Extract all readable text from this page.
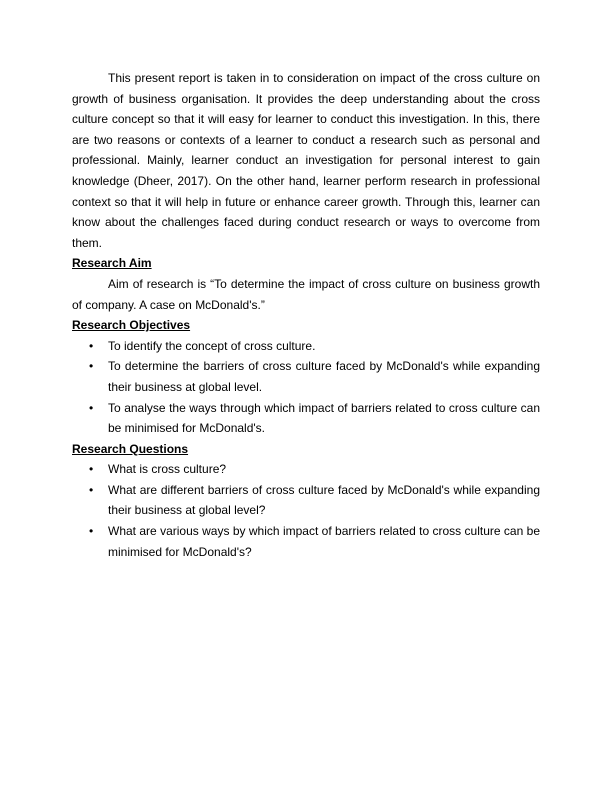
This present report is taken in to consideration on impact of the cross culture on growth of business organisation. It provides the deep understanding about the cross culture concept so that it will easy for learner to conduct this investigation. In this, there are two reasons or contexts of a learner to conduct a research such as personal and professional. Mainly, learner conduct an investigation for personal interest to gain knowledge (Dheer, 2017). On the other hand, learner perform research in professional context so that it will help in future or enhance career growth. Through this, learner can know about the challenges faced during conduct research or ways to overcome from them.

Research Aim

Aim of research is “To determine the impact of cross culture on business growth of company. A case on McDonald's.”

Research Objectives

• To identify the concept of cross culture.
• To determine the barriers of cross culture faced by McDonald's while expanding their business at global level.
• To analyse the ways through which impact of barriers related to cross culture can be minimised for McDonald's.

Research Questions

• What is cross culture?
• What are different barriers of cross culture faced by McDonald's while expanding their business at global level?
• What are various ways by which impact of barriers related to cross culture can be minimised for McDonald's?
